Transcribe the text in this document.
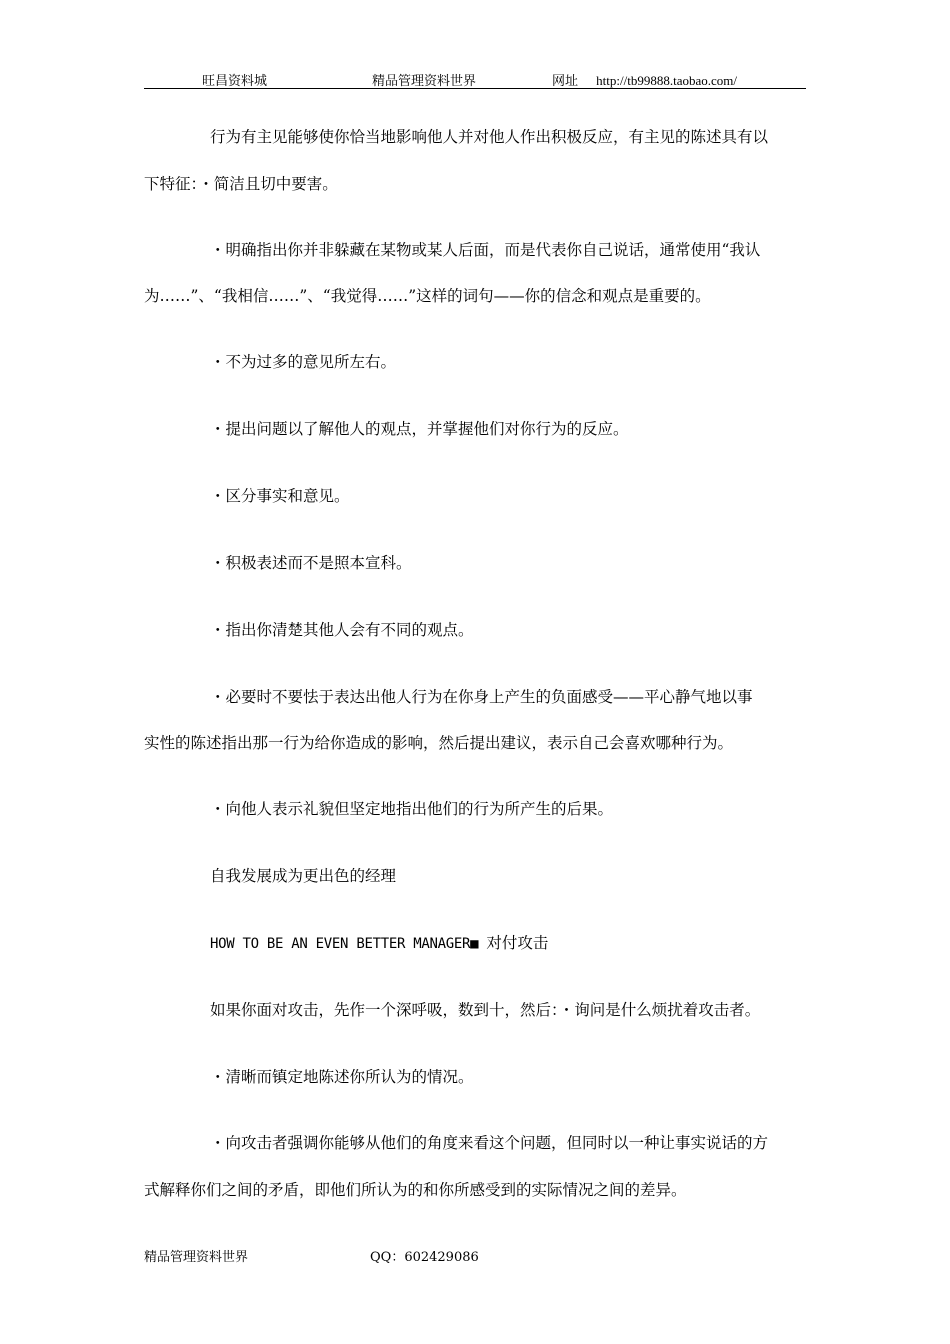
旺昌资料城	精品管理资料世界	网址 http://tb99888.taobao.com/

行为有主见能够使你恰当地影响他人并对他人作出积极反应，有主见的陈述具有以

下特征：・简洁且切中要害。

・明确指出你并非躲藏在某物或某人后面，而是代表你自己说话，通常使用“我认

为……”、“我相信……”、“我觉得……”这样的词句——你的信念和观点是重要的。

・不为过多的意见所左右。

・提出问题以了解他人的观点，并掌握他们对你行为的反应。

・区分事实和意见。

・积极表述而不是照本宣科。

・指出你清楚其他人会有不同的观点。

・必要时不要怯于表达出他人行为在你身上产生的负面感受——平心静气地以事

实性的陈述指出那一行为给你造成的影响，然后提出建议，表示自己会喜欢哪种行为。

・向他人表示礼貌但坚定地指出他们的行为所产生的后果。

自我发展成为更出色的经理

HOW TO BE AN EVEN BETTER MANAGER■ 对付攻击

如果你面对攻击，先作一个深呼吸，数到十，然后：・询问是什么烦扰着攻击者。

・清晰而镇定地陈述你所认为的情况。

・向攻击者强调你能够从他们的角度来看这个问题，但同时以一种让事实说话的方

式解释你们之间的矛盾，即他们所认为的和你所感受到的实际情况之间的差异。

精品管理资料世界	QQ：602429086
